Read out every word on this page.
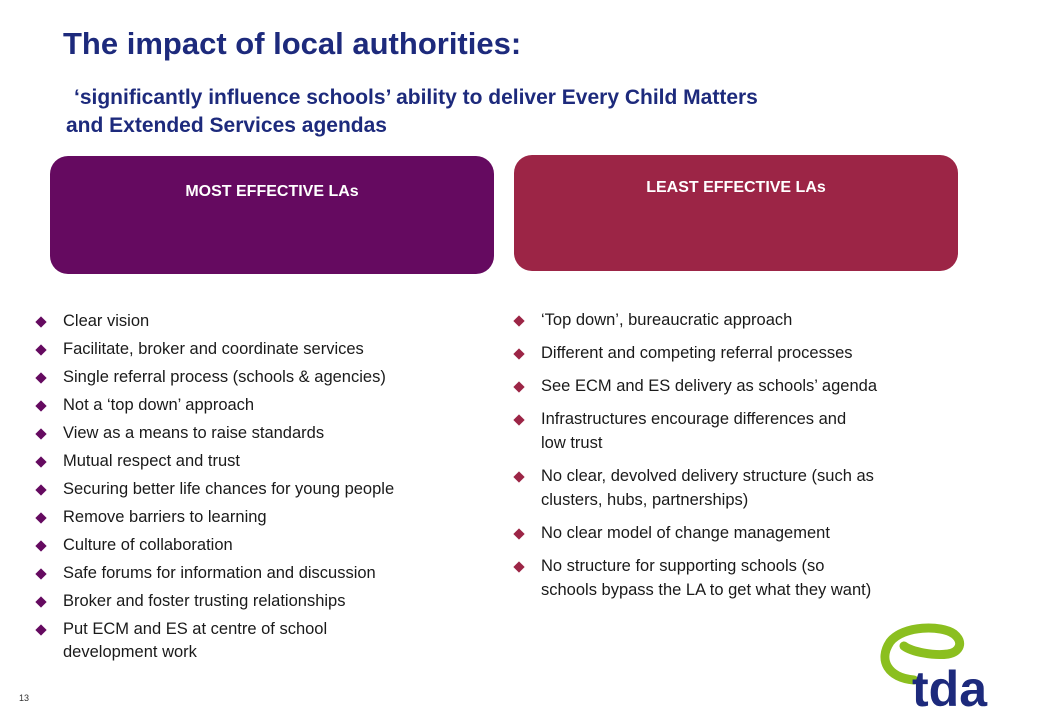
The impact of local authorities:
‘significantly influence schools’ ability to deliver Every Child Matters
and Extended Services agendas
MOST EFFECTIVE LAs	LEAST EFFECTIVE LAs
Clear vision
Facilitate, broker and coordinate services
Single referral process (schools & agencies)
Not a ‘top down’ approach
View as a means to raise standards
Mutual respect and trust
Securing better life chances for young people
Remove barriers to learning
Culture of collaboration
Safe forums for information and discussion
Broker and foster trusting relationships
Put ECM and ES at centre of school
development work
‘Top down’, bureaucratic approach
Different and competing referral processes
See ECM and ES delivery as schools’ agenda
Infrastructures encourage differences and
low trust
No clear, devolved delivery structure (such as
clusters, hubs, partnerships)
No clear model of change management
No structure for supporting schools (so
schools bypass the LA to get what they want)
13	tda
